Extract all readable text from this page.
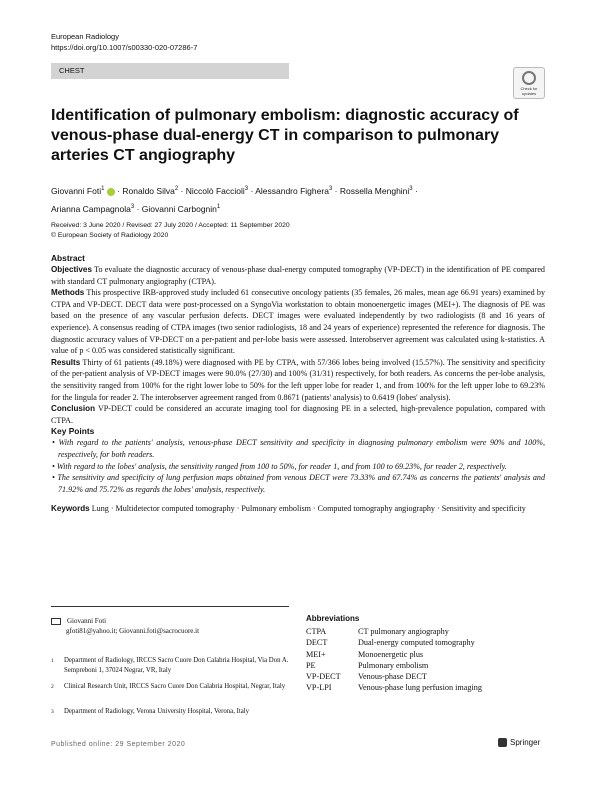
European Radiology
https://doi.org/10.1007/s00330-020-07286-7
CHEST
Check for updates
Identification of pulmonary embolism: diagnostic accuracy of venous-phase dual-energy CT in comparison to pulmonary arteries CT angiography
Giovanni Foti$^1$  · Ronaldo Silva$^2$ · Niccolò Faccioli$^3$ · Alessandro Fighera$^3$ · Rossella Menghini$^3$ ·
Arianna Campagnola$^3$ · Giovanni Carbognin$^1$
Received: 3 June 2020 / Revised: 27 July 2020 / Accepted: 11 September 2020
© European Society of Radiology 2020
Abstract

Objectives To evaluate the diagnostic accuracy of venous-phase dual-energy computed tomography (VP-DECT) in the identification of PE compared with standard CT pulmonary angiography (CTPA).

Methods This prospective IRB-approved study included 61 consecutive oncology patients (35 females, 26 males, mean age 66.91 years) examined by CTPA and VP-DECT. DECT data were post-processed on a SyngoVia workstation to obtain monoenergetic images (MEI+). The diagnosis of PE was based on the presence of any vascular perfusion defects. DECT images were evaluated independently by two radiologists (8 and 16 years of experience). A consensus reading of CTPA images (two senior radiologists, 18 and 24 years of experience) represented the reference for diagnosis. The diagnostic accuracy values of VP-DECT on a per-patient and per-lobe basis were assessed. Interobserver agreement was calculated using k-statistics. A value of p < 0.05 was considered statistically significant.

Results Thirty of 61 patients (49.18%) were diagnosed with PE by CTPA, with 57/366 lobes being involved (15.57%). The sensitivity and specificity of the per-patient analysis of VP-DECT images were 90.0% (27/30) and 100% (31/31) respectively, for both readers. As concerns the per-lobe analysis, the sensitivity ranged from 100% for the right lower lobe to 50% for the left upper lobe for reader 1, and from 100% for the left upper lobe to 69.23% for the lingula for reader 2. The interobserver agreement ranged from 0.8671 (patients' analysis) to 0.6419 (lobes' analysis).

Conclusion VP-DECT could be considered an accurate imaging tool for diagnosing PE in a selected, high-prevalence population, compared with CTPA.

Key Points

• With regard to the patients' analysis, venous-phase DECT sensitivity and specificity in diagnosing pulmonary embolism were 90% and 100%, respectively, for both readers.

• With regard to the lobes' analysis, the sensitivity ranged from 100 to 50%, for reader 1, and from 100 to 69.23%, for reader 2, respectively.

• The sensitivity and specificity of lung perfusion maps obtained from venous DECT were 73.33% and 67.74% as concerns the patients' analysis and 71.92% and 75.72% as regards the lobes' analysis, respectively.

Keywords Lung · Multidetector computed tomography · Pulmonary embolism · Computed tomography angiography · Sensitivity and specificity

Giovanni Foti
gfoti81@yahoo.it; Giovanni.foti@sacrocuore.it
1 Department of Radiology, IRCCS Sacro Cuore Don Calabria Hospital, Via Don A. Sempreboni 1, 37024 Negrar, VR, Italy
2 Clinical Research Unit, IRCCS Sacro Cuore Don Calabria Hospital, Negrar, Italy
3 Department of Radiology, Verona University Hospital, Verona, Italy
Abbreviations
CTPA	CT pulmonary angiography
DECT	Dual-energy computed tomography
MEI+	Monoenergetic plus
PE	Pulmonary embolism
VP-DECT	Venous-phase DECT
VP-LPI	Venous-phase lung perfusion imaging
Published online: 29 September 2020	Springer
